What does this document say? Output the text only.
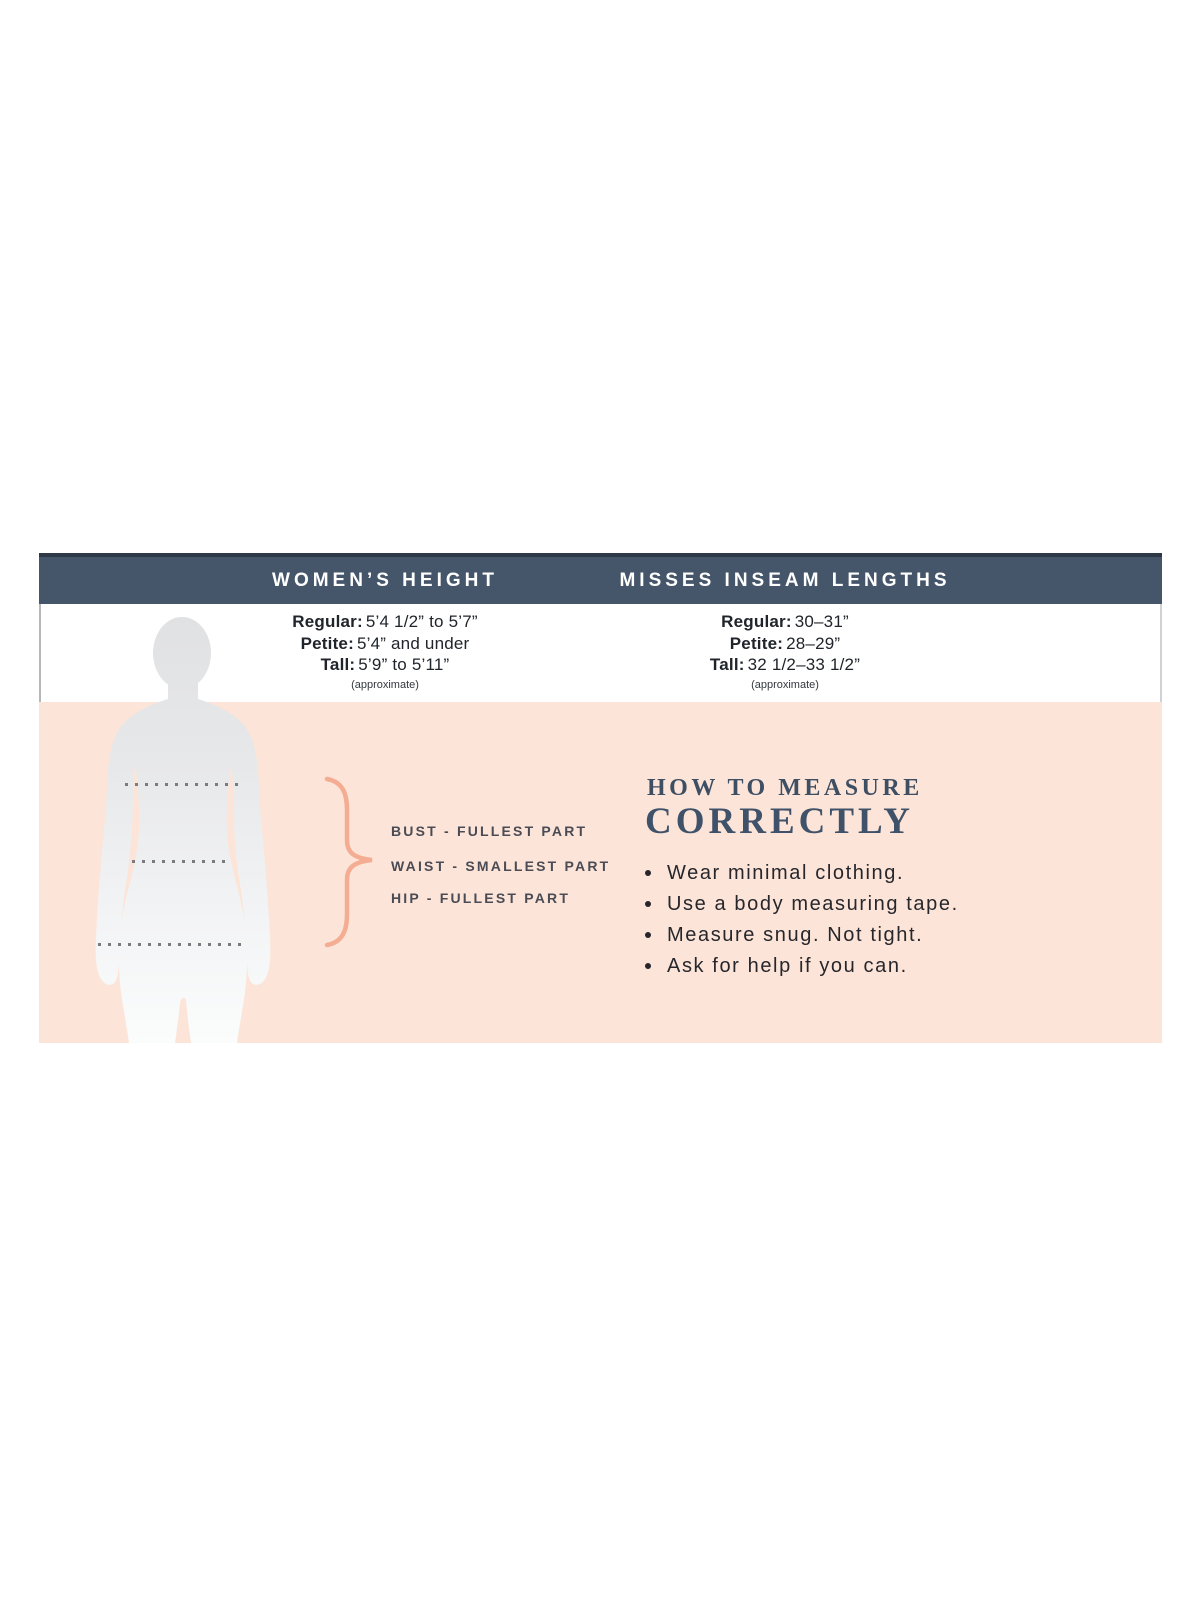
WOMEN’S HEIGHT	MISSES INSEAM LENGTHS
Regular: 5’4 1/2” to 5’7”
Petite: 5’4” and under
Tall: 5’9” to 5’11”
(approximate)
Regular: 30–31”
Petite: 28–29”
Tall: 32 1/2–33 1/2”
(approximate)
BUST - FULLEST PART
WAIST - SMALLEST PART
HIP - FULLEST PART
HOW TO MEASURE
CORRECTLY
Wear minimal clothing.
Use a body measuring tape.
Measure snug. Not tight.
Ask for help if you can.
